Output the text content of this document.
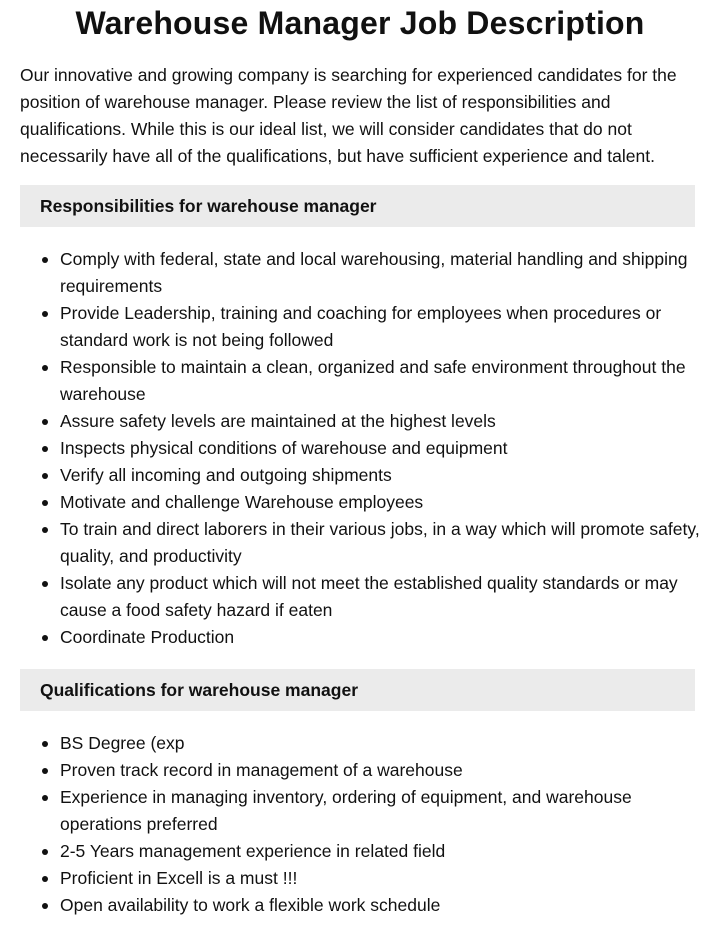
Warehouse Manager Job Description

Our innovative and growing company is searching for experienced candidates for the position of warehouse manager. Please review the list of responsibilities and qualifications. While this is our ideal list, we will consider candidates that do not necessarily have all of the qualifications, but have sufficient experience and talent.

Responsibilities for warehouse manager
Comply with federal, state and local warehousing, material handling and shipping requirements
Provide Leadership, training and coaching for employees when procedures or standard work is not being followed
Responsible to maintain a clean, organized and safe environment throughout the warehouse
Assure safety levels are maintained at the highest levels
Inspects physical conditions of warehouse and equipment
Verify all incoming and outgoing shipments
Motivate and challenge Warehouse employees
To train and direct laborers in their various jobs, in a way which will promote safety, quality, and productivity
Isolate any product which will not meet the established quality standards or may cause a food safety hazard if eaten
Coordinate Production
Qualifications for warehouse manager
BS Degree (exp
Proven track record in management of a warehouse
Experience in managing inventory, ordering of equipment, and warehouse operations preferred
2-5 Years management experience in related field
Proficient in Excell is a must !!!
Open availability to work a flexible work schedule
